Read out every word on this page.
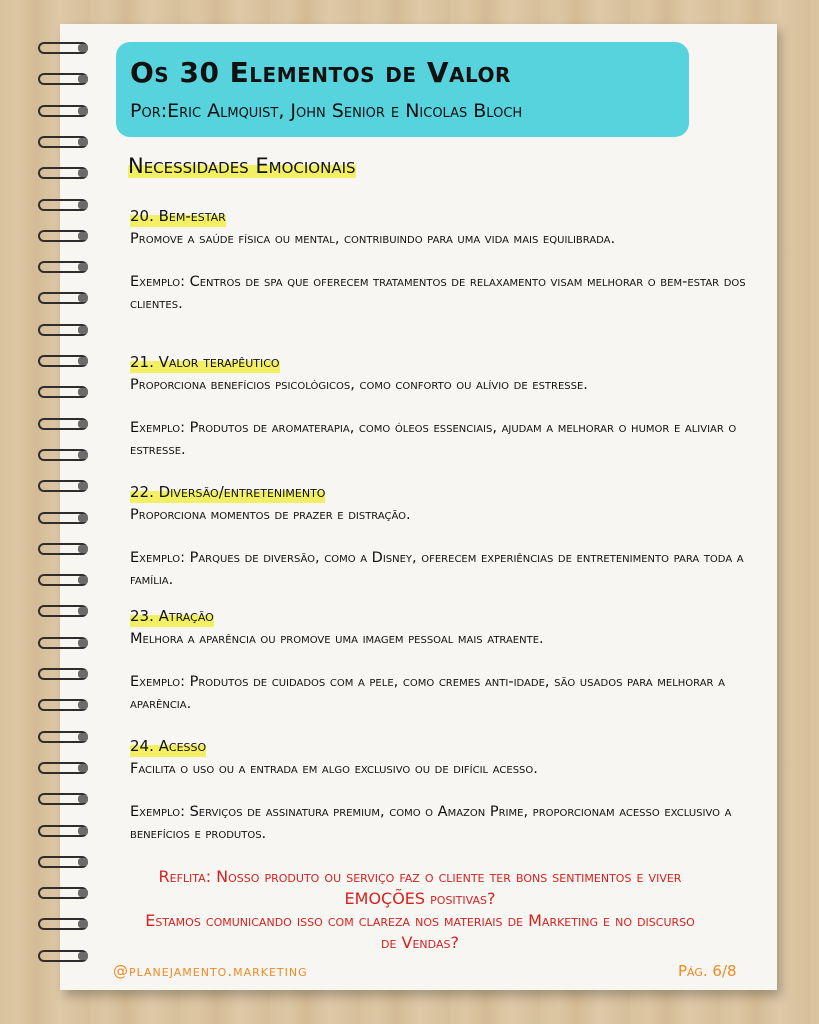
Os 30 Elementos de Valor
Por:Eric Almquist, John Senior e Nicolas Bloch
Necessidades Emocionais
20. Bem-estar

Promove a saúde física ou mental, contribuindo para uma vida mais equilibrada.

Exemplo: Centros de spa que oferecem tratamentos de relaxamento visam melhorar o bem-estar dos clientes.

21. Valor terapêutico

Proporciona benefícios psicológicos, como conforto ou alívio de estresse.

Exemplo: Produtos de aromaterapia, como óleos essenciais, ajudam a melhorar o humor e aliviar o estresse.

22. Diversão/entretenimento

Proporciona momentos de prazer e distração.

Exemplo: Parques de diversão, como a Disney, oferecem experiências de entretenimento para toda a família.

23. Atração

Melhora a aparência ou promove uma imagem pessoal mais atraente.

Exemplo: Produtos de cuidados com a pele, como cremes anti-idade, são usados para melhorar a aparência.

24. Acesso

Facilita o uso ou a entrada em algo exclusivo ou de difícil acesso.

Exemplo: Serviços de assinatura premium, como o Amazon Prime, proporcionam acesso exclusivo a benefícios e produtos.

Reflita: Nosso produto ou serviço faz o cliente ter bons sentimentos e viver EMOÇÕES positivas?

Estamos comunicando isso com clareza nos materiais de Marketing e no discurso de Vendas?

@planejamento.marketing	Pág. 6/8
